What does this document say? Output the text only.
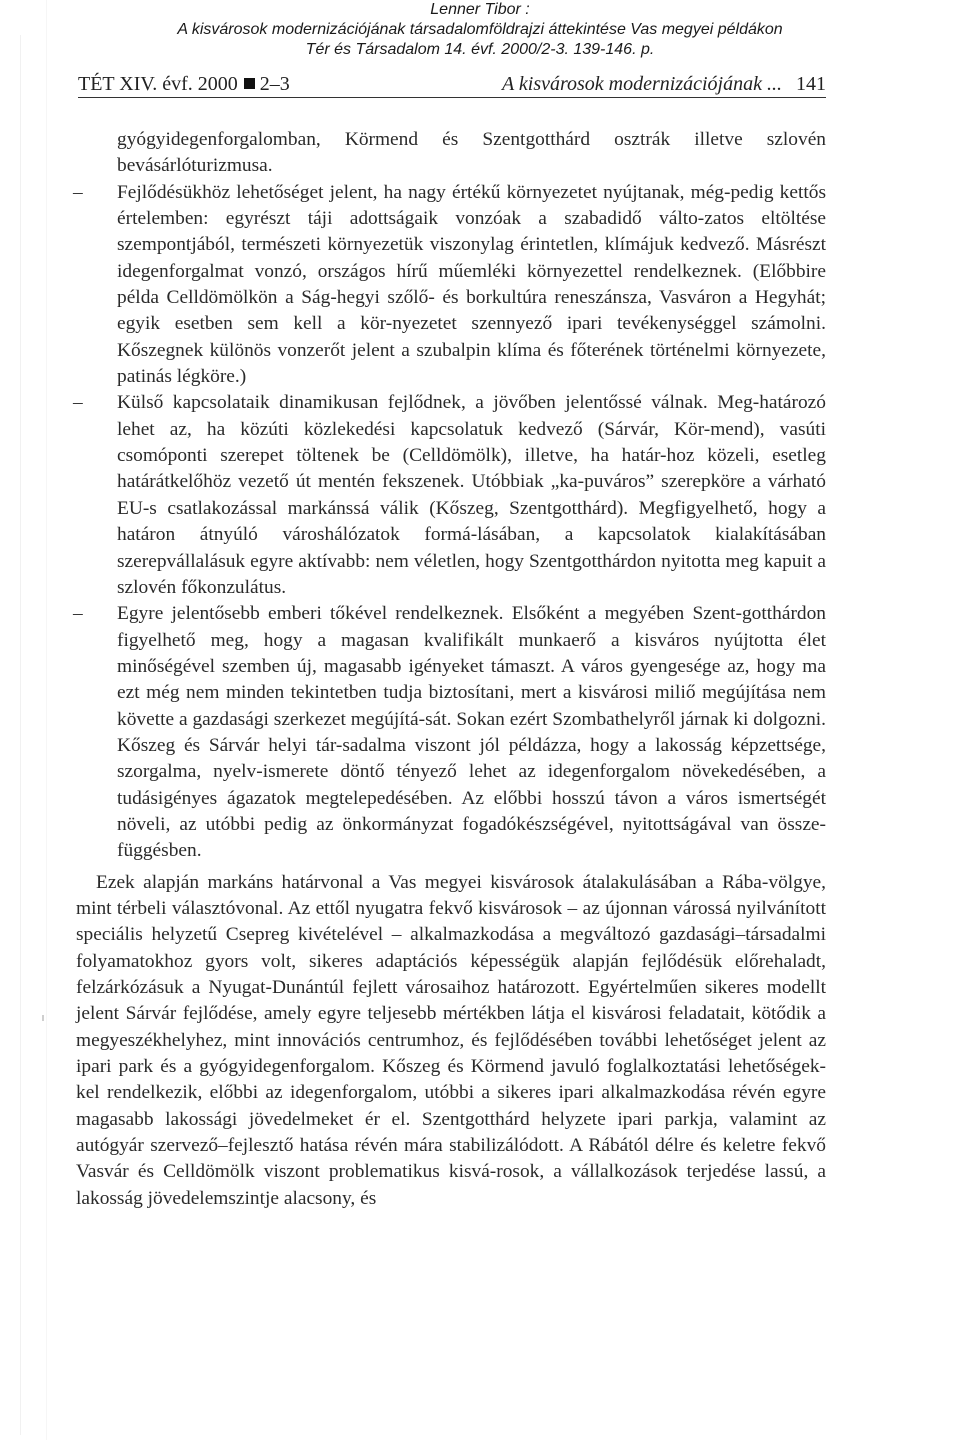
Lenner Tibor :
A kisvárosok modernizációjának társadalomföldrajzi áttekintése Vas megyei példákon
Tér és Társadalom 14. évf. 2000/2-3. 139-146. p.
TÉT XIV. évf. 2000 2–3	A kisvárosok modernizációjának ... 141

gyógyidegenforgalomban, Körmend és Szentgotthárd osztrák illetve szlovén bevásárlóturizmusa.

– Fejlődésükhöz lehetőséget jelent, ha nagy értékű környezetet nyújtanak, még-pedig kettős értelemben: egyrészt táji adottságaik vonzóak a szabadidő válto-zatos eltöltése szempontjából, természeti környezetük viszonylag érintetlen, klímájuk kedvező. Másrészt idegenforgalmat vonzó, országos hírű műemléki környezettel rendelkeznek. (Előbbire példa Celldömölkön a Ság-hegyi szőlő- és borkultúra reneszánsza, Vasváron a Hegyhát; egyik esetben sem kell a kör-nyezetet szennyező ipari tevékenységgel számolni. Kőszegnek különös vonzerőt jelent a szubalpin klíma és főterének történelmi környezete, patinás légköre.)

– Külső kapcsolataik dinamikusan fejlődnek, a jövőben jelentőssé válnak. Meg-határozó lehet az, ha közúti közlekedési kapcsolatuk kedvező (Sárvár, Kör-mend), vasúti csomóponti szerepet töltenek be (Celldömölk), illetve, ha határ-hoz közeli, esetleg határátkelőhöz vezető út mentén fekszenek. Utóbbiak „ka-puváros” szerepköre a várható EU-s csatlakozással markánssá válik (Kőszeg, Szentgotthárd). Megfigyelhető, hogy a határon átnyúló városhálózatok formá-lásában, a kapcsolatok kialakításában szerepvállalásuk egyre aktívabb: nem véletlen, hogy Szentgotthárdon nyitotta meg kapuit a szlovén főkonzulátus.

– Egyre jelentősebb emberi tőkével rendelkeznek. Elsőként a megyében Szent-gotthárdon figyelhető meg, hogy a magasan kvalifikált munkaerő a kisváros nyújtotta élet minőségével szemben új, magasabb igényeket támaszt. A város gyengesége az, hogy ma ezt még nem minden tekintetben tudja biztosítani, mert a kisvárosi miliő megújítása nem követte a gazdasági szerkezet megújítá-sát. Sokan ezért Szombathelyről járnak ki dolgozni. Kőszeg és Sárvár helyi tár-sadalma viszont jól példázza, hogy a lakosság képzettsége, szorgalma, nyelv-ismerete döntő tényező lehet az idegenforgalom növekedésében, a tudásigényes ágazatok megtelepedésében. Az előbbi hosszú távon a város ismertségét növeli, az utóbbi pedig az önkormányzat fogadókészségével, nyitottságával van össze-függésben.

Ezek alapján markáns határvonal a Vas megyei kisvárosok átalakulásában a Rába-völgye, mint térbeli választóvonal. Az ettől nyugatra fekvő kisvárosok – az újonnan várossá nyilvánított speciális helyzetű Csepreg kivételével – alkalmazkodása a megváltozó gazdasági–társadalmi folyamatokhoz gyors volt, sikeres adaptációs képességük alapján fejlődésük előrehaladt, felzárkózásuk a Nyugat-Dunántúl fejlett városaihoz határozott. Egyértelműen sikeres modellt jelent Sárvár fejlődése, amely egyre teljesebb mértékben látja el kisvárosi feladatait, kötődik a megyeszékhelyhez, mint innovációs centrumhoz, és fejlődésében további lehetőséget jelent az ipari park és a gyógyidegenforgalom. Kőszeg és Körmend javuló foglalkoztatási lehetőségek-kel rendelkezik, előbbi az idegenforgalom, utóbbi a sikeres ipari alkalmazkodása révén egyre magasabb lakossági jövedelmeket ér el. Szentgotthárd helyzete ipari parkja, valamint az autógyár szervező–fejlesztő hatása révén mára stabilizálódott. A Rábától délre és keletre fekvő Vasvár és Celldömölk viszont problematikus kisvá-rosok, a vállalkozások terjedése lassú, a lakosság jövedelemszintje alacsony, és
